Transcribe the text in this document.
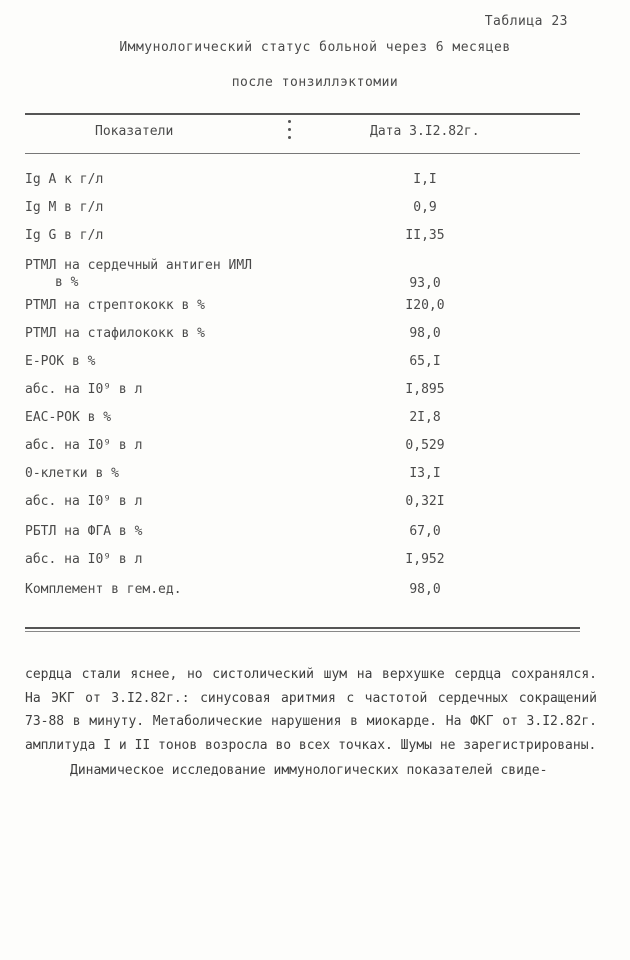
Таблица 23
Иммунологический статус больной через 6 месяцев
после тонзиллэктомии
Показатели	Дата 3.I2.82г.
Ig A к г/л	I,I
Ig M в г/л	0,9
Ig G в г/л	II,35
РТМЛ на сердечный антиген ИМЛ
в %	93,0
РТМЛ на стрептококк в %	I20,0
РТМЛ на стафилококк в %	98,0
Е-РОК в %	65,I
абс. на I0⁹ в л	I,895
ЕАС-РОК в %	2I,8
абс. на I0⁹ в л	0,529
0-клетки в %	I3,I
абс. на I0⁹ в л	0,32I
РБТЛ на ФГА в %	67,0
абс. на I0⁹ в л	I,952
Комплемент в гем.ед.	98,0

сердца стали яснее, но систолический шум на верхушке сердца сохранялся. На ЭКГ от 3.I2.82г.: синусовая аритмия с частотой сердечных сокращений 73-88 в минуту. Метаболические нарушения в миокарде. На ФКГ от 3.I2.82г. амплитуда I и II тонов возросла во всех точках. Шумы не зарегистрированы.

Динамическое исследование иммунологических показателей свиде-
